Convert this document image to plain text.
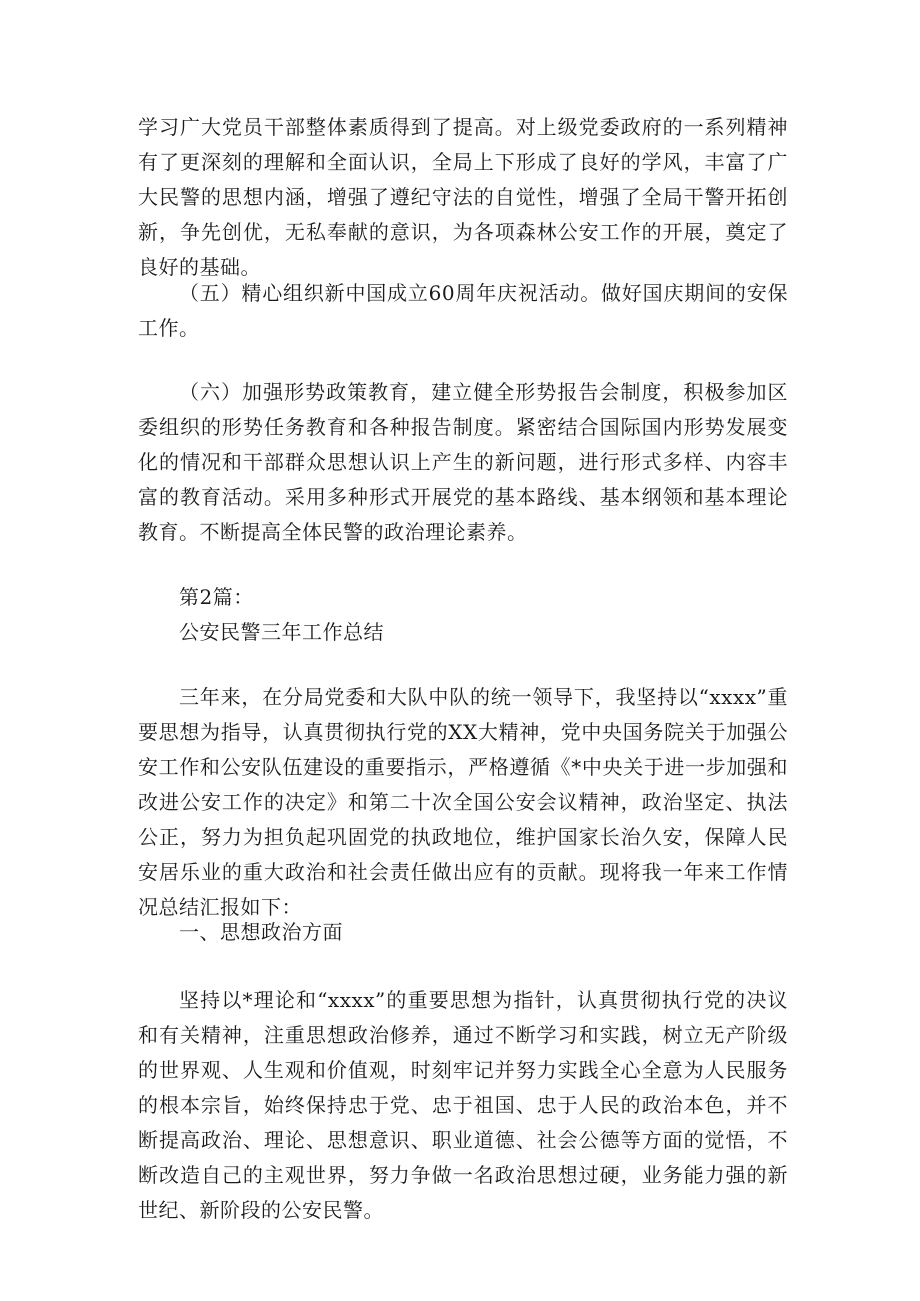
学习广大党员干部整体素质得到了提高。对上级党委政府的一系列精神有了更深刻的理解和全面认识，全局上下形成了良好的学风，丰富了广大民警的思想内涵，增强了遵纪守法的自觉性，增强了全局干警开拓创新，争先创优，无私奉献的意识，为各项森林公安工作的开展，奠定了良好的基础。

（五）精心组织新中国成立60周年庆祝活动。做好国庆期间的安保工作。

（六）加强形势政策教育，建立健全形势报告会制度，积极参加区委组织的形势任务教育和各种报告制度。紧密结合国际国内形势发展变化的情况和干部群众思想认识上产生的新问题，进行形式多样、内容丰富的教育活动。采用多种形式开展党的基本路线、基本纲领和基本理论教育。不断提高全体民警的政治理论素养。

第2篇：

公安民警三年工作总结

三年来，在分局党委和大队中队的统一领导下，我坚持以“xxxx”重要思想为指导，认真贯彻执行党的XX大精神，党中央国务院关于加强公安工作和公安队伍建设的重要指示，严格遵循《*中央关于进一步加强和改进公安工作的决定》和第二十次全国公安会议精神，政治坚定、执法公正，努力为担负起巩固党的执政地位，维护国家长治久安，保障人民安居乐业的重大政治和社会责任做出应有的贡献。现将我一年来工作情况总结汇报如下：

一、思想政治方面

坚持以*理论和“xxxx”的重要思想为指针，认真贯彻执行党的决议和有关精神，注重思想政治修养，通过不断学习和实践，树立无产阶级的世界观、人生观和价值观，时刻牢记并努力实践全心全意为人民服务的根本宗旨，始终保持忠于党、忠于祖国、忠于人民的政治本色，并不断提高政治、理论、思想意识、职业道德、社会公德等方面的觉悟，不断改造自己的主观世界，努力争做一名政治思想过硬，业务能力强的新世纪、新阶段的公安民警。
